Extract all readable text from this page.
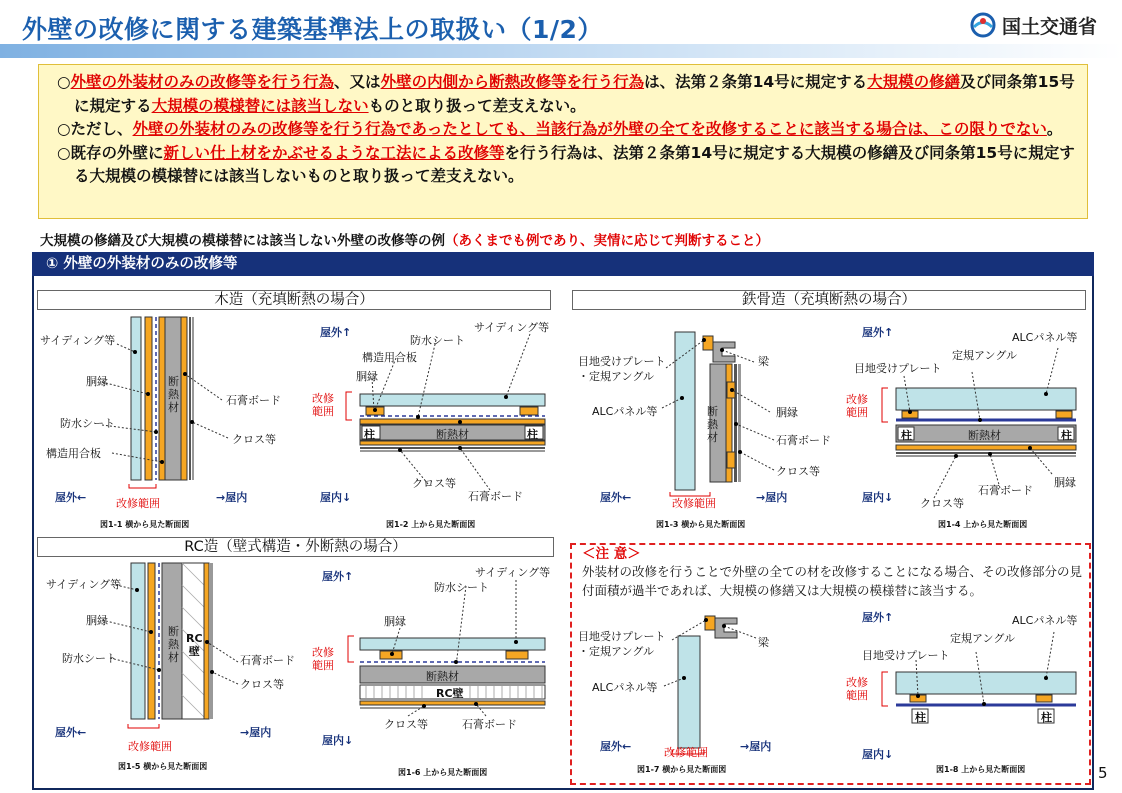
外壁の改修に関する建築基準法上の取扱い（1/2）	国土交通省

○外壁の外装材のみの改修等を行う行為、又は外壁の内側から断熱改修等を行う行為は、法第２条第14号に規定する大規模の修繕及び同条第15号に規定する大規模の模様替には該当しないものと取り扱って差支えない。

○ただし、外壁の外装材のみの改修等を行う行為であったとしても、当該行為が外壁の全てを改修することに該当する場合は、この限りでない。

○既存の外壁に新しい仕上材をかぶせるような工法による改修等を行う行為は、法第２条第14号に規定する大規模の修繕及び同条第15号に規定する大規模の模様替には該当しないものと取り扱って差支えない。

大規模の修繕及び大規模の模様替には該当しない外壁の改修等の例（あくまでも例であり、実情に応じて判断すること）
① 外壁の外装材のみの改修等
木造（充填断熱の場合）	鉄骨造（充填断熱の場合）
RC造（壁式構造・外断熱の場合）
サイディング等
胴縁
防水シート
構造用合板
石膏ボード
クロス等
断
熱
材
屋外←	→屋内
改修範囲
図1-1 横から見た断面図
屋外↑	サイディング等
防水シート
構造用合板
胴縁
改修
範囲
柱	断熱材	柱
クロス等
石膏ボード
屋内↓
図1-2 上から見た断面図
目地受けプレート
・定規アングル
梁
ALCパネル等	胴縁
石膏ボード
クロス等
断
熱
材
屋外←	→屋内
改修範囲
図1-3 横から見た断面図
屋外↑	ALCパネル等
定規アングル
目地受けプレート
改修
範囲
柱	断熱材	柱
胴縁
石膏ボード
屋内↓ クロス等
図1-4 上から見た断面図
サイディング等
胴縁
防水シート
断
熱
材
RC
壁
石膏ボード
クロス等
屋外←	→屋内
改修範囲
図1-5 横から見た断面図
屋外↑	サイディング等
防水シート
胴縁
改修
範囲
断熱材
RC壁
クロス等	石膏ボード
屋内↓
図1-6 上から見た断面図
＜注 意＞
外装材の改修を行うことで外壁の全ての材を改修することになる場合、その改修部分の見付面積が過半であれば、大規模の修繕又は大規模の模様替に該当する。
目地受けプレート
・定規アングル
梁
ALCパネル等
屋外←	→屋内
改修範囲
図1-7 横から見た断面図
屋外↑	ALCパネル等
定規アングル
目地受けプレート
改修
範囲
柱	柱
屋内↓
図1-8 上から見た断面図	5
